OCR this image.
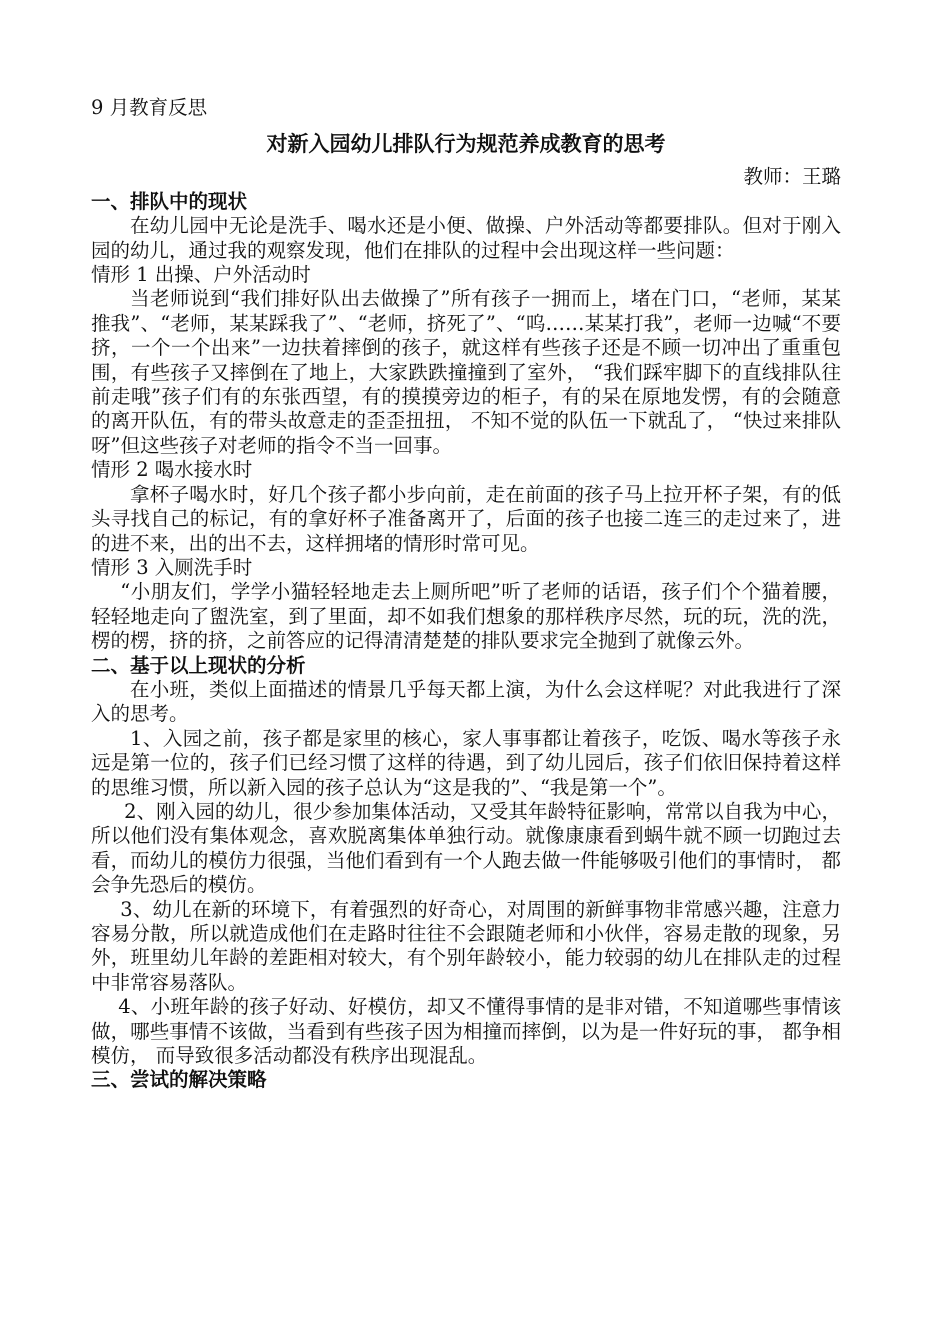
9 月教育反思
对新入园幼儿排队行为规范养成教育的思考
教师：王璐
一、排队中的现状

在幼儿园中无论是洗手、喝水还是小便、做操、户外活动等都要排队。但对于刚入园的幼儿，通过我的观察发现，他们在排队的过程中会出现这样一些问题：

情形 1 出操、户外活动时

当老师说到“我们排好队出去做操了”所有孩子一拥而上，堵在门口，“老师，某某推我”、“老师，某某踩我了”、“老师，挤死了”、“呜……某某打我”，老师一边喊“不要挤，一个一个出来”一边扶着摔倒的孩子，就这样有些孩子还是不顾一切冲出了重重包围，有些孩子又摔倒在了地上，大家跌跌撞撞到了室外， “我们踩牢脚下的直线排队往前走哦”孩子们有的东张西望，有的摸摸旁边的柜子，有的呆在原地发愣，有的会随意的离开队伍，有的带头故意走的歪歪扭扭， 不知不觉的队伍一下就乱了， “快过来排队呀”但这些孩子对老师的指令不当一回事。

情形 2 喝水接水时

拿杯子喝水时，好几个孩子都小步向前，走在前面的孩子马上拉开杯子架，有的低头寻找自己的标记，有的拿好杯子准备离开了，后面的孩子也接二连三的走过来了，进的进不来，出的出不去，这样拥堵的情形时常可见。

情形 3 入厕洗手时

“小朋友们，学学小猫轻轻地走去上厕所吧”听了老师的话语，孩子们个个猫着腰，轻轻地走向了盥洗室，到了里面，却不如我们想象的那样秩序尽然，玩的玩，洗的洗，楞的楞，挤的挤，之前答应的记得清清楚楚的排队要求完全抛到了就像云外。

二、基于以上现状的分析

在小班，类似上面描述的情景几乎每天都上演，为什么会这样呢？对此我进行了深入的思考。

1、入园之前，孩子都是家里的核心，家人事事都让着孩子，吃饭、喝水等孩子永远是第一位的，孩子们已经习惯了这样的待遇，到了幼儿园后，孩子们依旧保持着这样的思维习惯，所以新入园的孩子总认为“这是我的”、“我是第一个”。

2、刚入园的幼儿，很少参加集体活动，又受其年龄特征影响，常常以自我为中心，所以他们没有集体观念，喜欢脱离集体单独行动。就像康康看到蜗牛就不顾一切跑过去看，而幼儿的模仿力很强，当他们看到有一个人跑去做一件能够吸引他们的事情时， 都会争先恐后的模仿。

3、幼儿在新的环境下，有着强烈的好奇心，对周围的新鲜事物非常感兴趣，注意力容易分散，所以就造成他们在走路时往往不会跟随老师和小伙伴，容易走散的现象，另外，班里幼儿年龄的差距相对较大，有个别年龄较小，能力较弱的幼儿在排队走的过程中非常容易落队。

4、小班年龄的孩子好动、好模仿，却又不懂得事情的是非对错，不知道哪些事情该做，哪些事情不该做，当看到有些孩子因为相撞而摔倒，以为是一件好玩的事， 都争相模仿， 而导致很多活动都没有秩序出现混乱。

三、尝试的解决策略
